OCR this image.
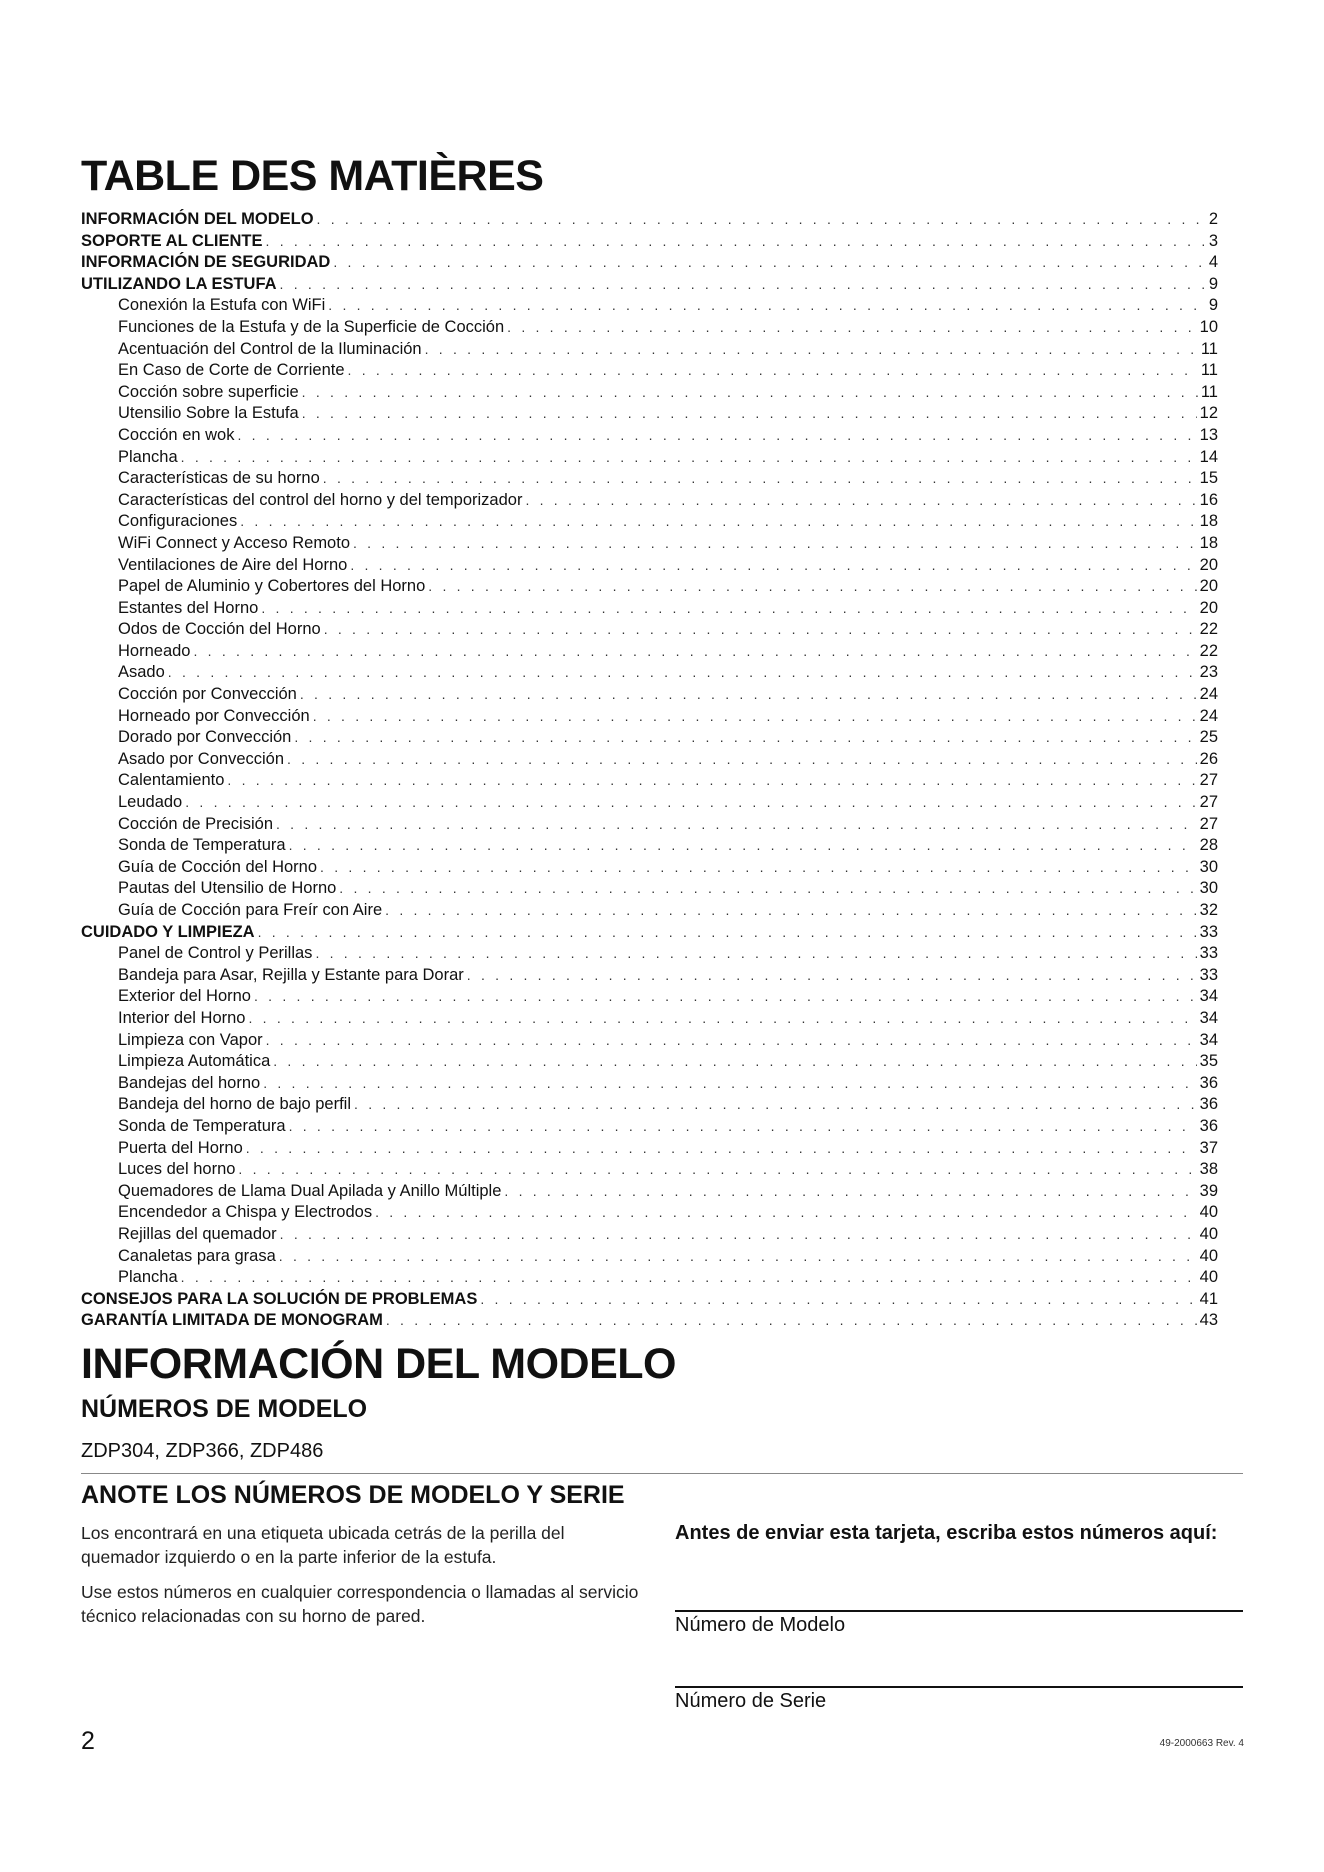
TABLE DES MATIÈRES
INFORMACIÓN DEL MODELO . . .	2
SOPORTE AL CLIENTE . . .	3
INFORMACIÓN DE SEGURIDAD . . .	4
UTILIZANDO LA ESTUFA . . .	9
Conexión la Estufa con WiFi . . .	9
Funciones de la Estufa y de la Superficie de Cocción . . .	10
Acentuación del Control de la Iluminación . . .	11
En Caso de Corte de Corriente . . .	11
Cocción sobre superficie . . .	11
Utensilio Sobre la Estufa . . .	12
Cocción en wok . . .	13
Plancha . . .	14
Características de su horno . . .	15
Características del control del horno y del temporizador . . .	16
Configuraciones . . .	18
WiFi Connect y Acceso Remoto . . .	18
Ventilaciones de Aire del Horno . . .	20
Papel de Aluminio y Cobertores del Horno . . .	20
Estantes del Horno . . .	20
Odos de Cocción del Horno . . .	22
Horneado . . .	22
Asado . . .	23
Cocción por Convección . . .	24
Horneado por Convección . . .	24
Dorado por Convección . . .	25
Asado por Convección . . .	26
Calentamiento . . .	27
Leudado . . .	27
Cocción de Precisión . . .	27
Sonda de Temperatura . . .	28
Guía de Cocción del Horno . . .	30
Pautas del Utensilio de Horno . . .	30
Guía de Cocción para Freír con Aire . . .	32
CUIDADO Y LIMPIEZA . . .	33
Panel de Control y Perillas . . .	33
Bandeja para Asar, Rejilla y Estante para Dorar . . .	33
Exterior del Horno . . .	34
Interior del Horno . . .	34
Limpieza con Vapor . . .	34
Limpieza Automática . . .	35
Bandejas del horno . . .	36
Bandeja del horno de bajo perfil . . .	36
Sonda de Temperatura . . .	36
Puerta del Horno . . .	37
Luces del horno . . .	38
Quemadores de Llama Dual Apilada y Anillo Múltiple . . .	39
Encendedor a Chispa y Electrodos . . .	40
Rejillas del quemador . . .	40
Canaletas para grasa . . .	40
Plancha . . .	40
CONSEJOS PARA LA SOLUCIÓN DE PROBLEMAS . . .	41
GARANTÍA LIMITADA DE MONOGRAM . . .	43
INFORMACIÓN DEL MODELO
NÚMEROS DE MODELO
ZDP304, ZDP366, ZDP486
ANOTE LOS NÚMEROS DE MODELO Y SERIE

Los encontrará en una etiqueta ubicada cetrás de la perilla del quemador izquierdo o en la parte inferior de la estufa.

Use estos números en cualquier correspondencia o llamadas al servicio técnico relacionadas con su horno de pared.

Antes de enviar esta tarjeta, escriba estos números aquí:
Número de Modelo
Número de Serie
2	49-2000663 Rev. 4
